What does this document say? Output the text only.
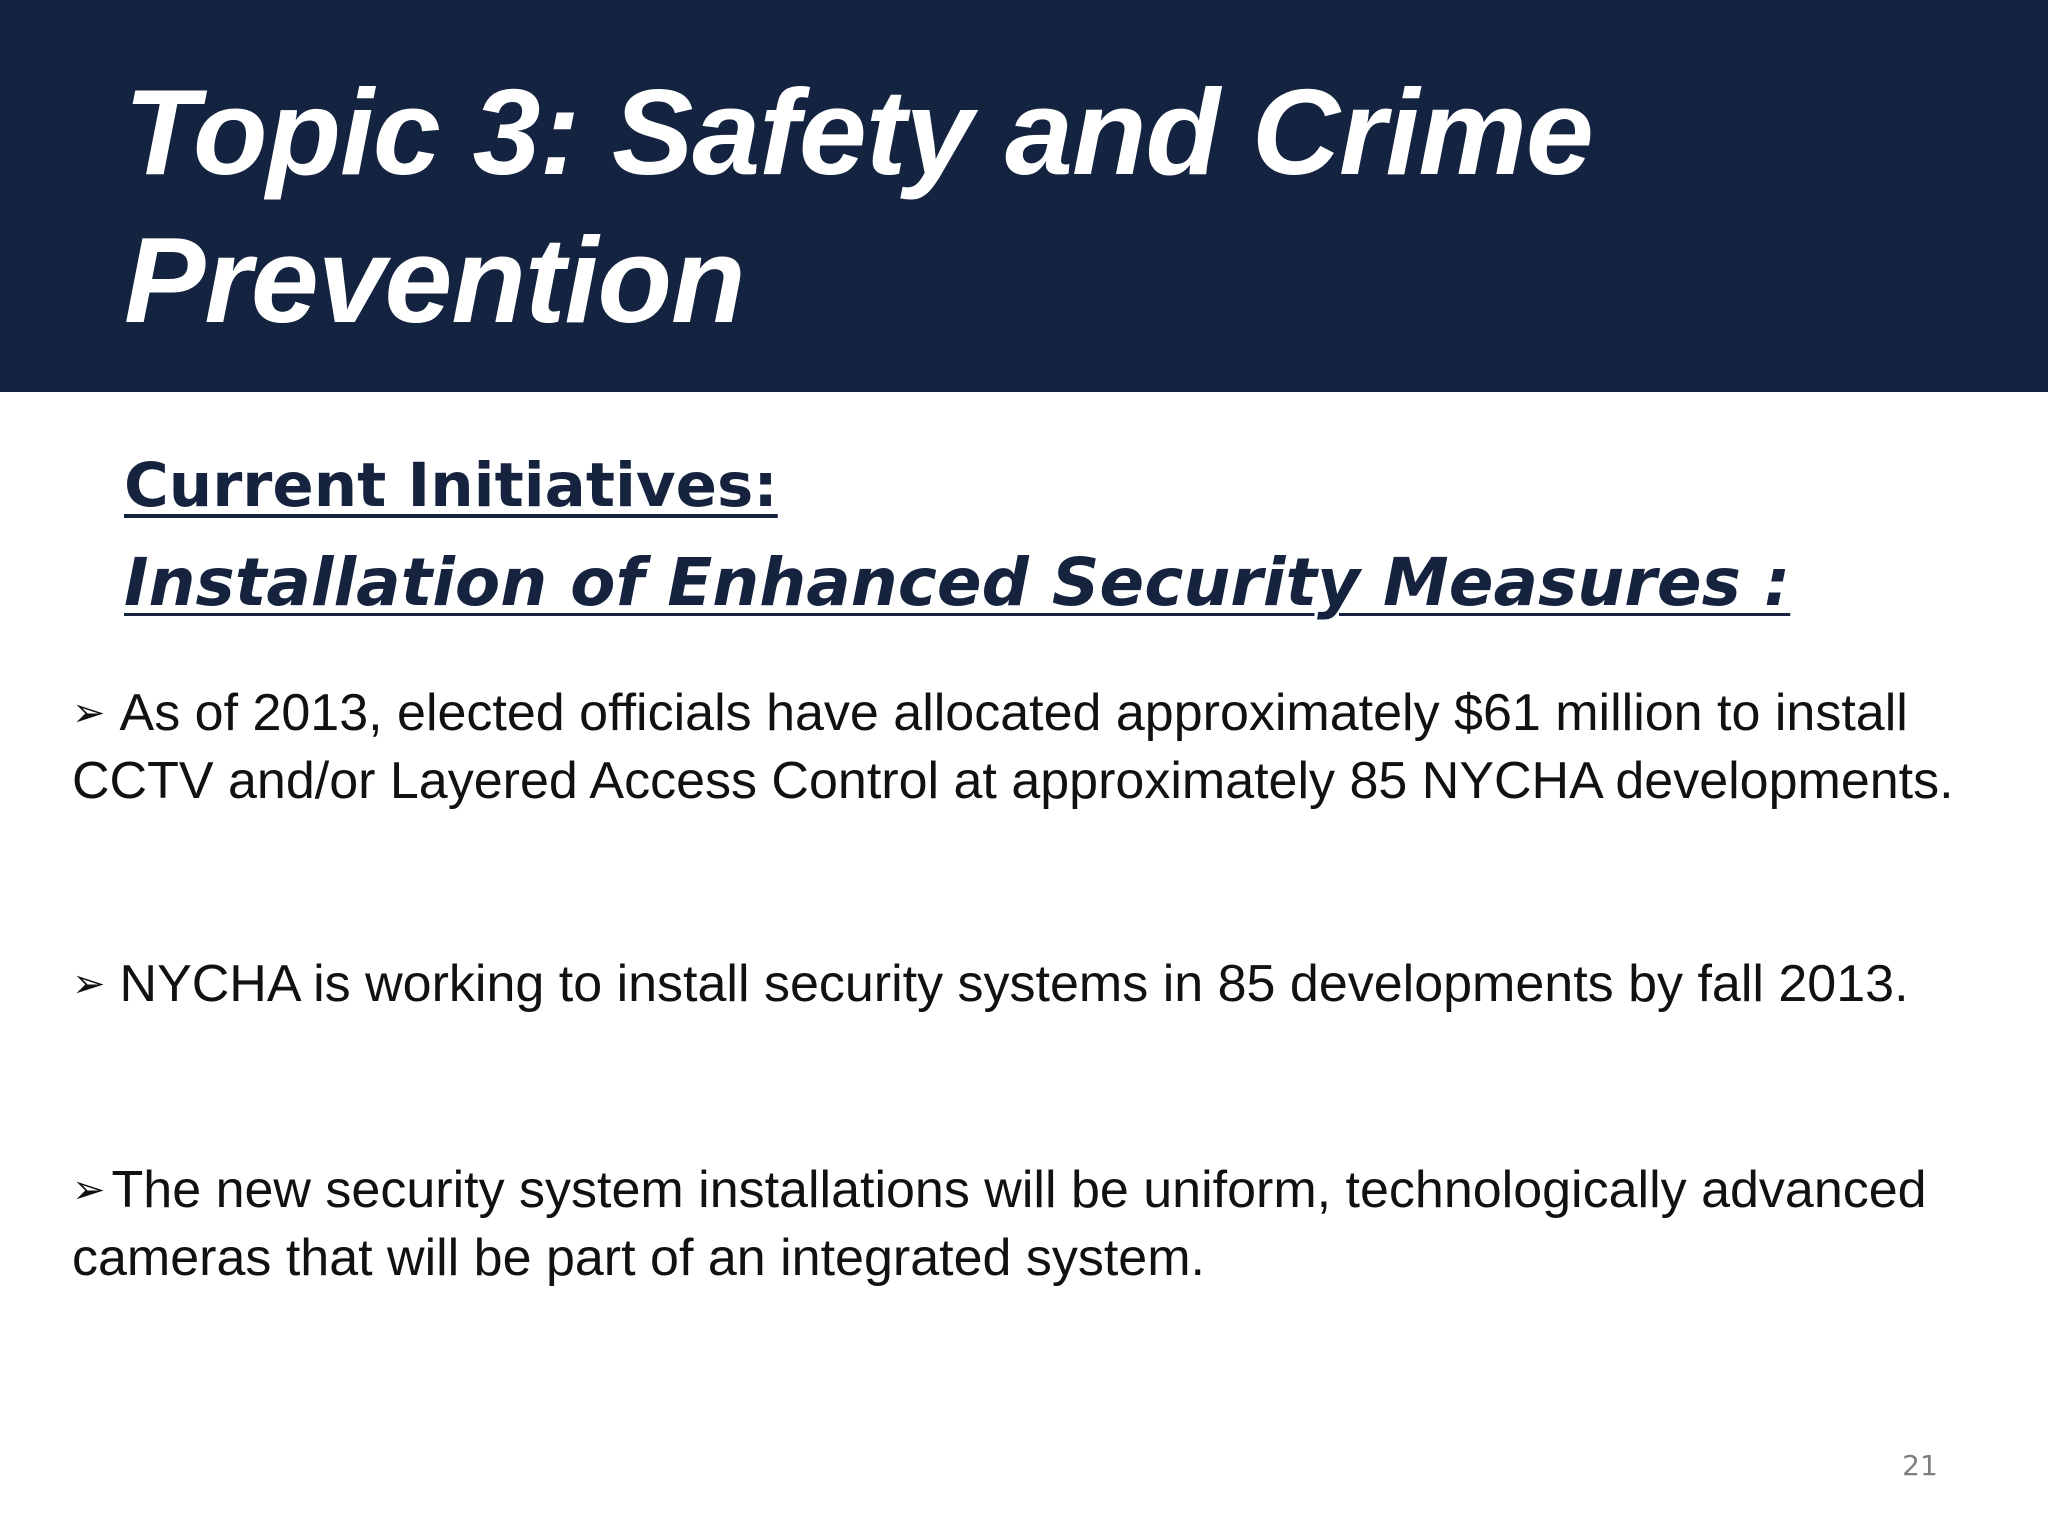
Topic 3: Safety and Crime
Prevention
Current Initiatives:
Installation of Enhanced Security Measures :

➢ As of 2013, elected officials have allocated approximately $61 million to install CCTV and/or Layered Access Control at approximately 85 NYCHA developments.

➢ NYCHA is working to install security systems in 85 developments by fall 2013.

➢ The new security system installations will be uniform, technologically advanced cameras that will be part of an integrated system.

21
